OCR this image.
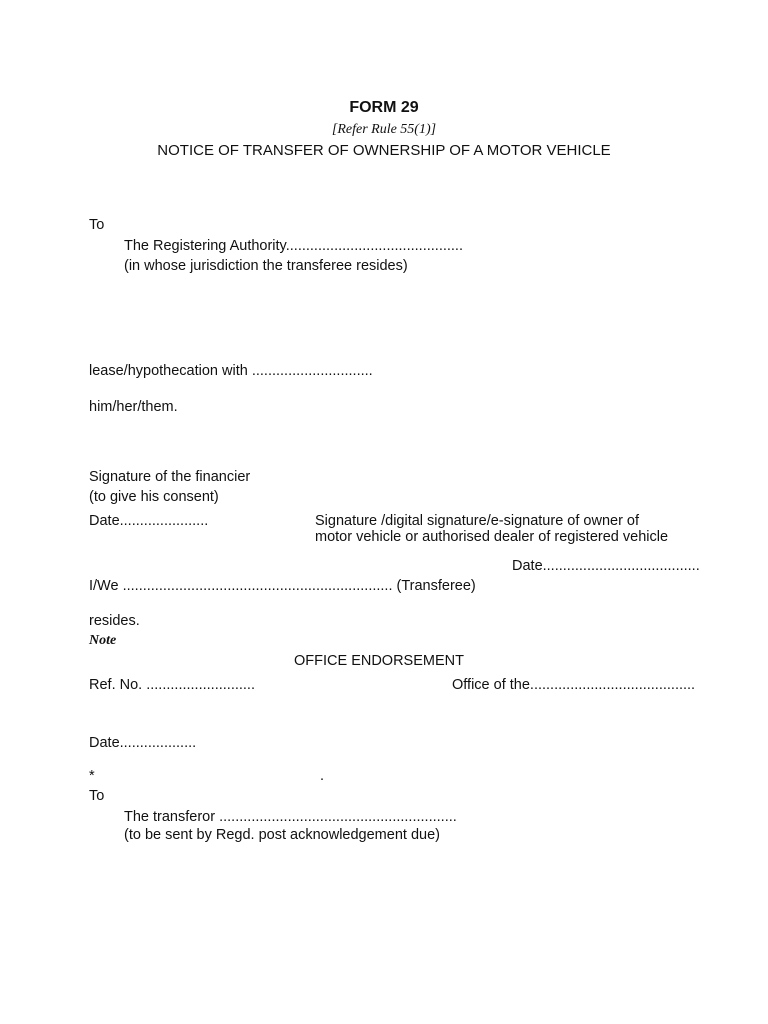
FORM 29
[Refer Rule 55(1)]
NOTICE OF TRANSFER OF OWNERSHIP OF A MOTOR VEHICLE
To
The Registering Authority............................................
(in whose jurisdiction the transferee resides)
lease/hypothecation with ..............................
him/her/them.
Signature of the financier
(to give his consent)
Date......................	Signature /digital signature/e-signature of owner of
motor vehicle or authorised dealer of registered vehicle
Date.......................................
I/We ................................................................... (Transferee)
resides.
Note
OFFICE ENDORSEMENT
Ref. No. ...........................	Office of the.........................................
Date...................
*	.
To
The transferor ...........................................................
(to be sent by Regd. post acknowledgement due)
